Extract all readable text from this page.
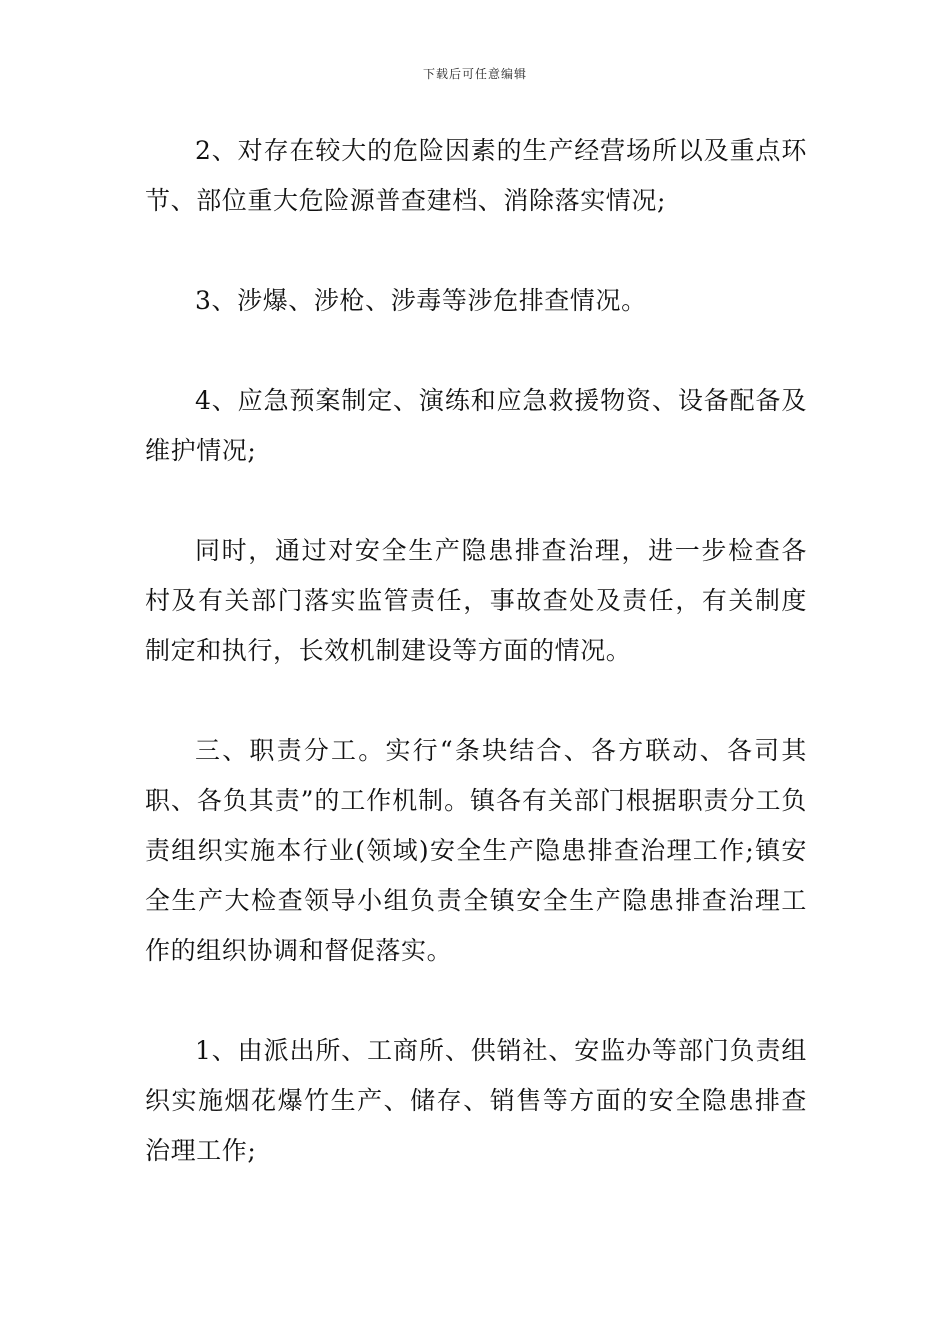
下载后可任意编辑

2、对存在较大的危险因素的生产经营场所以及重点环节、部位重大危险源普查建档、消除落实情况;

3、涉爆、涉枪、涉毒等涉危排查情况。

4、应急预案制定、演练和应急救援物资、设备配备及维护情况;

同时，通过对安全生产隐患排查治理，进一步检查各村及有关部门落实监管责任，事故查处及责任，有关制度制定和执行，长效机制建设等方面的情况。

三、职责分工。实行“条块结合、各方联动、各司其职、各负其责”的工作机制。镇各有关部门根据职责分工负责组织实施本行业(领域)安全生产隐患排查治理工作;镇安全生产大检查领导小组负责全镇安全生产隐患排查治理工作的组织协调和督促落实。

1、由派出所、工商所、供销社、安监办等部门负责组织实施烟花爆竹生产、储存、销售等方面的安全隐患排查治理工作;
